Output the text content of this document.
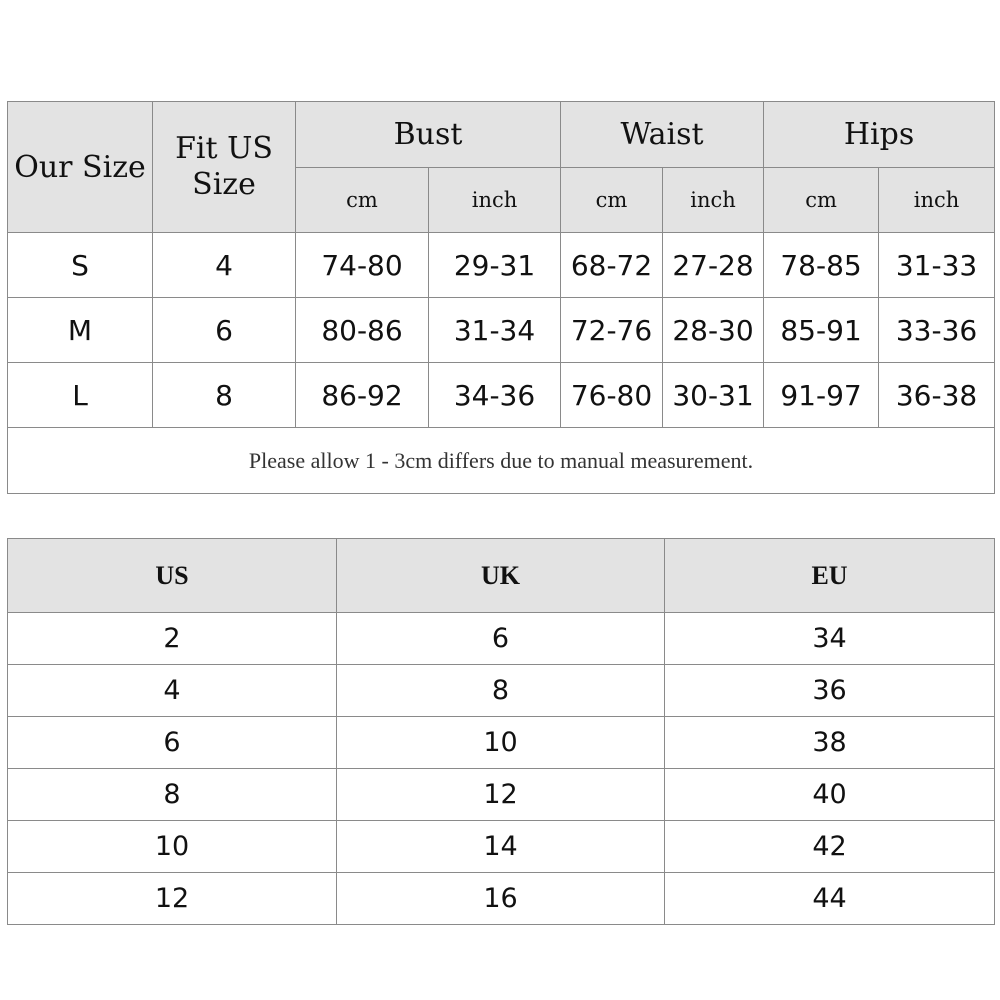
Our Size	Fit US Size	Bust		Waist		Hips	
		cm	inch	cm	inch	cm	inch
S	4	74-80	29-31	68-72	27-28	78-85	31-33
M	6	80-86	31-34	72-76	28-30	85-91	33-36
L	8	86-92	34-36	76-80	30-31	91-97	36-38
Please allow 1 - 3cm differs due to manual measurement.							
US	UK	EU
2	6	34
4	8	36
6	10	38
8	12	40
10	14	42
12	16	44
